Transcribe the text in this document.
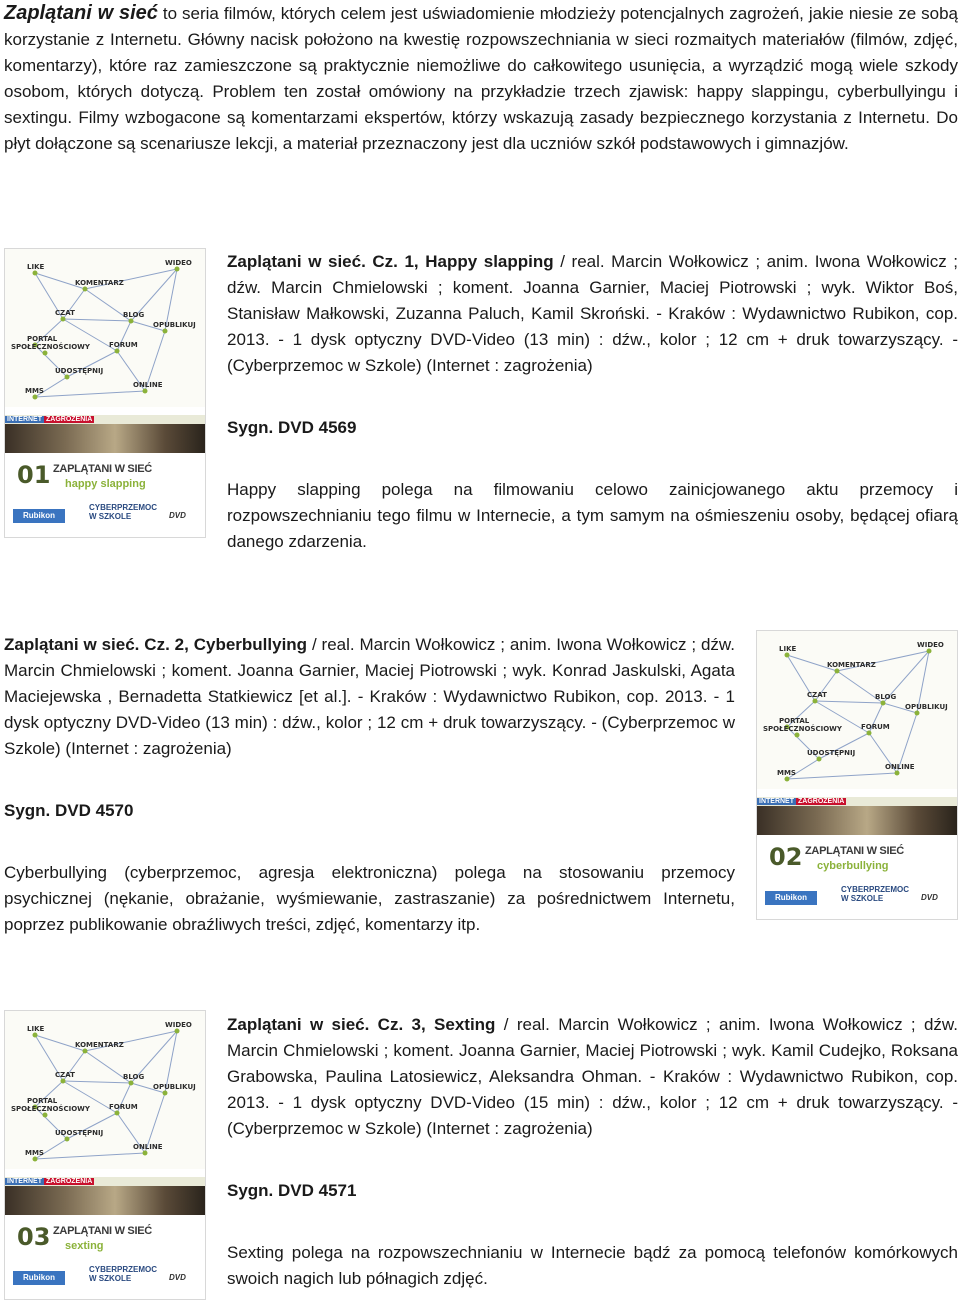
Zaplątani w sieć to seria filmów, których celem jest uświadomienie młodzieży potencjalnych zagrożeń, jakie niesie ze sobą korzystanie z Internetu. Główny nacisk położono na kwestię rozpowszechniania w sieci rozmaitych materiałów (filmów, zdjęć, komentarzy), które raz zamieszczone są praktycznie niemożliwe do całkowitego usunięcia, a wyrządzić mogą wiele szkody osobom, których dotyczą. Problem ten został omówiony na przykładzie trzech zjawisk: happy slappingu, cyberbullyingu i sextingu. Filmy wzbogacone są komentarzami ekspertów, którzy wskazują zasady bezpiecznego korzystania z Internetu. Do płyt dołączone są scenariusze lekcji, a materiał przeznaczony jest dla uczniów szkół podstawowych i gimnazjów.
LIKE	WIDEO
KOMENTARZ
CZAT	BLOG
OPUBLIKUJ
PORTAL
SPOŁECZNOŚCIOWY	FORUM
UDOSTĘPNIJ
MMS
ONLINE
INTERNET ZAGROŻENIA
01 ZAPLĄTANI W SIEĆ
happy slapping
Rubikon
CYBERPRZEMOC
W SZKOLE	DVD

Zaplątani w sieć. Cz. 1, Happy slapping / real. Marcin Wołkowicz ; anim. Iwona Wołkowicz ; dźw. Marcin Chmielowski ; koment. Joanna Garnier, Maciej Piotrowski ; wyk. Wiktor Boś, Stanisław Małkowski, Zuzanna Paluch, Kamil Skroński. - Kraków : Wydawnictwo Rubikon, cop. 2013. - 1 dysk optyczny DVD-Video (13 min) : dźw., kolor ; 12 cm + druk towarzyszący. - (Cyberprzemoc w Szkole) (Internet : zagrożenia)

Sygn. DVD 4569

Happy slapping polega na filmowaniu celowo zainicjowanego aktu przemocy i rozpowszechnianiu tego filmu w Internecie, a tym samym na ośmieszeniu osoby, będącej ofiarą danego zdarzenia.

Zaplątani w sieć. Cz. 2, Cyberbullying / real. Marcin Wołkowicz ; anim. Iwona Wołkowicz ; dźw. Marcin Chmielowski ; koment. Joanna Garnier, Maciej Piotrowski ; wyk. Konrad Jaskulski, Agata Maciejewska , Bernadetta Statkiewicz [et al.]. - Kraków : Wydawnictwo Rubikon, cop. 2013. - 1 dysk optyczny DVD-Video (13 min) : dźw., kolor ; 12 cm + druk towarzyszący. - (Cyberprzemoc w Szkole) (Internet : zagrożenia)

Sygn. DVD 4570

Cyberbullying (cyberprzemoc, agresja elektroniczna) polega na stosowaniu przemocy psychicznej (nękanie, obrażanie, wyśmiewanie, zastraszanie) za pośrednictwem Internetu, poprzez publikowanie obraźliwych treści, zdjęć, komentarzy itp.

LIKE	WIDEO
KOMENTARZ
CZAT	BLOG
OPUBLIKUJ
PORTAL
SPOŁECZNOŚCIOWY	FORUM
UDOSTĘPNIJ
MMS
ONLINE
INTERNET ZAGROŻENIA
02 ZAPLĄTANI W SIEĆ
cyberbullying
Rubikon
CYBERPRZEMOC
W SZKOLE	DVD
LIKE	WIDEO
KOMENTARZ
CZAT	BLOG
OPUBLIKUJ
PORTAL
SPOŁECZNOŚCIOWY	FORUM
UDOSTĘPNIJ
MMS
ONLINE
INTERNET ZAGROŻENIA
03 ZAPLĄTANI W SIEĆ
sexting
Rubikon
CYBERPRZEMOC
W SZKOLE	DVD

Zaplątani w sieć. Cz. 3, Sexting / real. Marcin Wołkowicz ; anim. Iwona Wołkowicz ; dźw. Marcin Chmielowski ; koment. Joanna Garnier, Maciej Piotrowski ; wyk. Kamil Cudejko, Roksana Grabowska, Paulina Latosiewicz, Aleksandra Ohman. - Kraków : Wydawnictwo Rubikon, cop. 2013. - 1 dysk optyczny DVD-Video (15 min) : dźw., kolor ; 12 cm + druk towarzyszący. - (Cyberprzemoc w Szkole) (Internet : zagrożenia)

Sygn. DVD 4571

Sexting polega na rozpowszechnianiu w Internecie bądź za pomocą telefonów komórkowych swoich nagich lub półnagich zdjęć.
